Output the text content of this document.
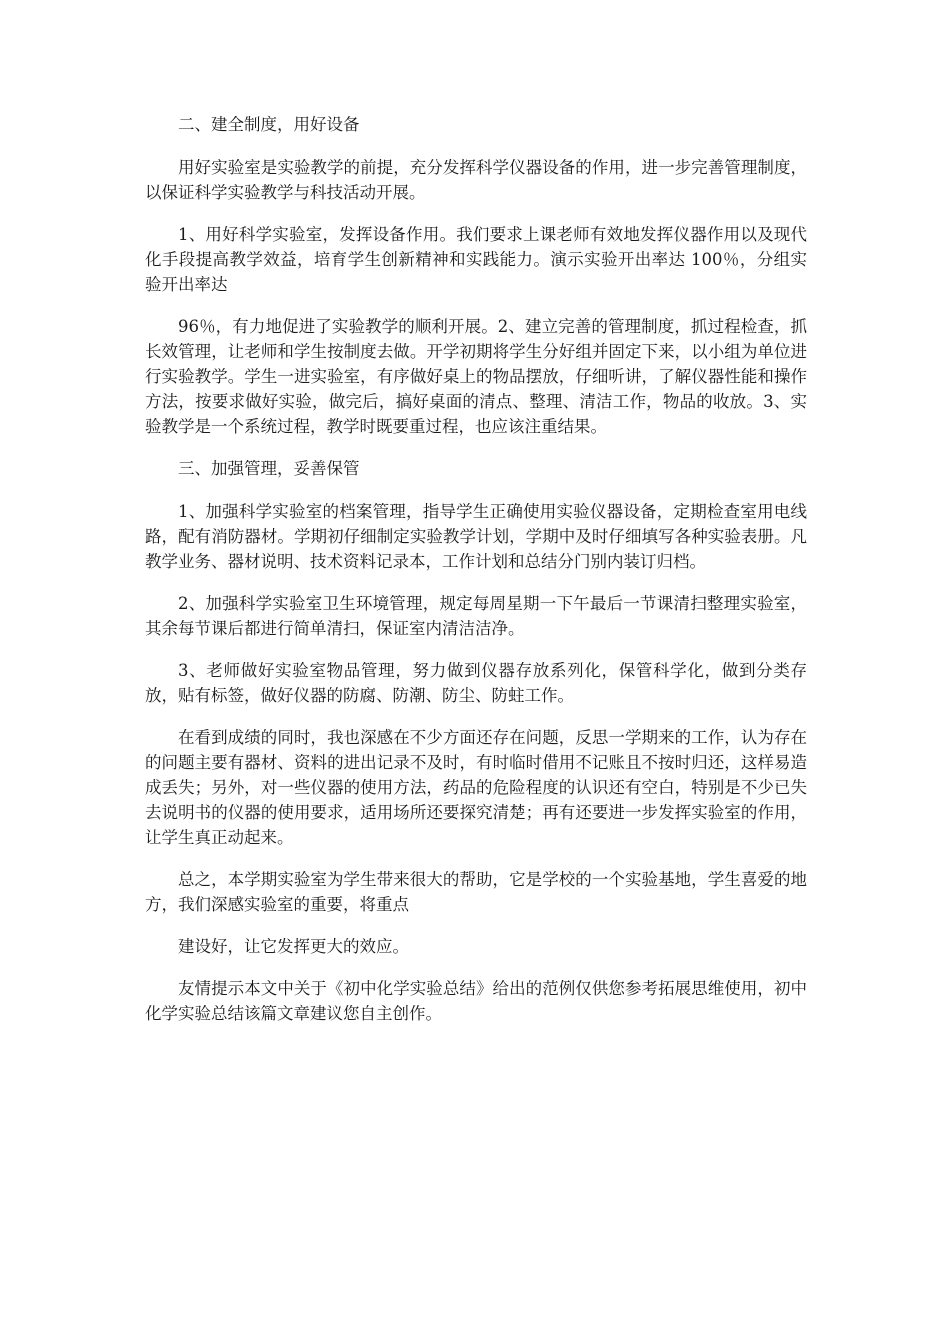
二、建全制度，用好设备

用好实验室是实验教学的前提，充分发挥科学仪器设备的作用，进一步完善管理制度，以保证科学实验教学与科技活动开展。

1、用好科学实验室，发挥设备作用。我们要求上课老师有效地发挥仪器作用以及现代化手段提高教学效益，培育学生创新精神和实践能力。演示实验开出率达 100％，分组实验开出率达

96％，有力地促进了实验教学的顺利开展。2、建立完善的管理制度，抓过程检查，抓长效管理，让老师和学生按制度去做。开学初期将学生分好组并固定下来，以小组为单位进行实验教学。学生一进实验室，有序做好桌上的物品摆放，仔细听讲，了解仪器性能和操作方法，按要求做好实验，做完后，搞好桌面的清点、整理、清洁工作，物品的收放。3、实验教学是一个系统过程，教学时既要重过程，也应该注重结果。

三、加强管理，妥善保管

1、加强科学实验室的档案管理，指导学生正确使用实验仪器设备，定期检查室用电线路，配有消防器材。学期初仔细制定实验教学计划，学期中及时仔细填写各种实验表册。凡教学业务、器材说明、技术资料记录本，工作计划和总结分门别内装订归档。

2、加强科学实验室卫生环境管理，规定每周星期一下午最后一节课清扫整理实验室，其余每节课后都进行简单清扫，保证室内清洁洁净。

3、老师做好实验室物品管理，努力做到仪器存放系列化，保管科学化，做到分类存放，贴有标签，做好仪器的防腐、防潮、防尘、防蛀工作。

在看到成绩的同时，我也深感在不少方面还存在问题，反思一学期来的工作，认为存在的问题主要有器材、资料的进出记录不及时，有时临时借用不记账且不按时归还，这样易造成丢失；另外，对一些仪器的使用方法，药品的危险程度的认识还有空白，特别是不少已失去说明书的仪器的使用要求，适用场所还要探究清楚；再有还要进一步发挥实验室的作用，让学生真正动起来。

总之，本学期实验室为学生带来很大的帮助，它是学校的一个实验基地，学生喜爱的地方，我们深感实验室的重要，将重点

建设好，让它发挥更大的效应。

友情提示本文中关于《初中化学实验总结》给出的范例仅供您参考拓展思维使用，初中化学实验总结该篇文章建议您自主创作。
